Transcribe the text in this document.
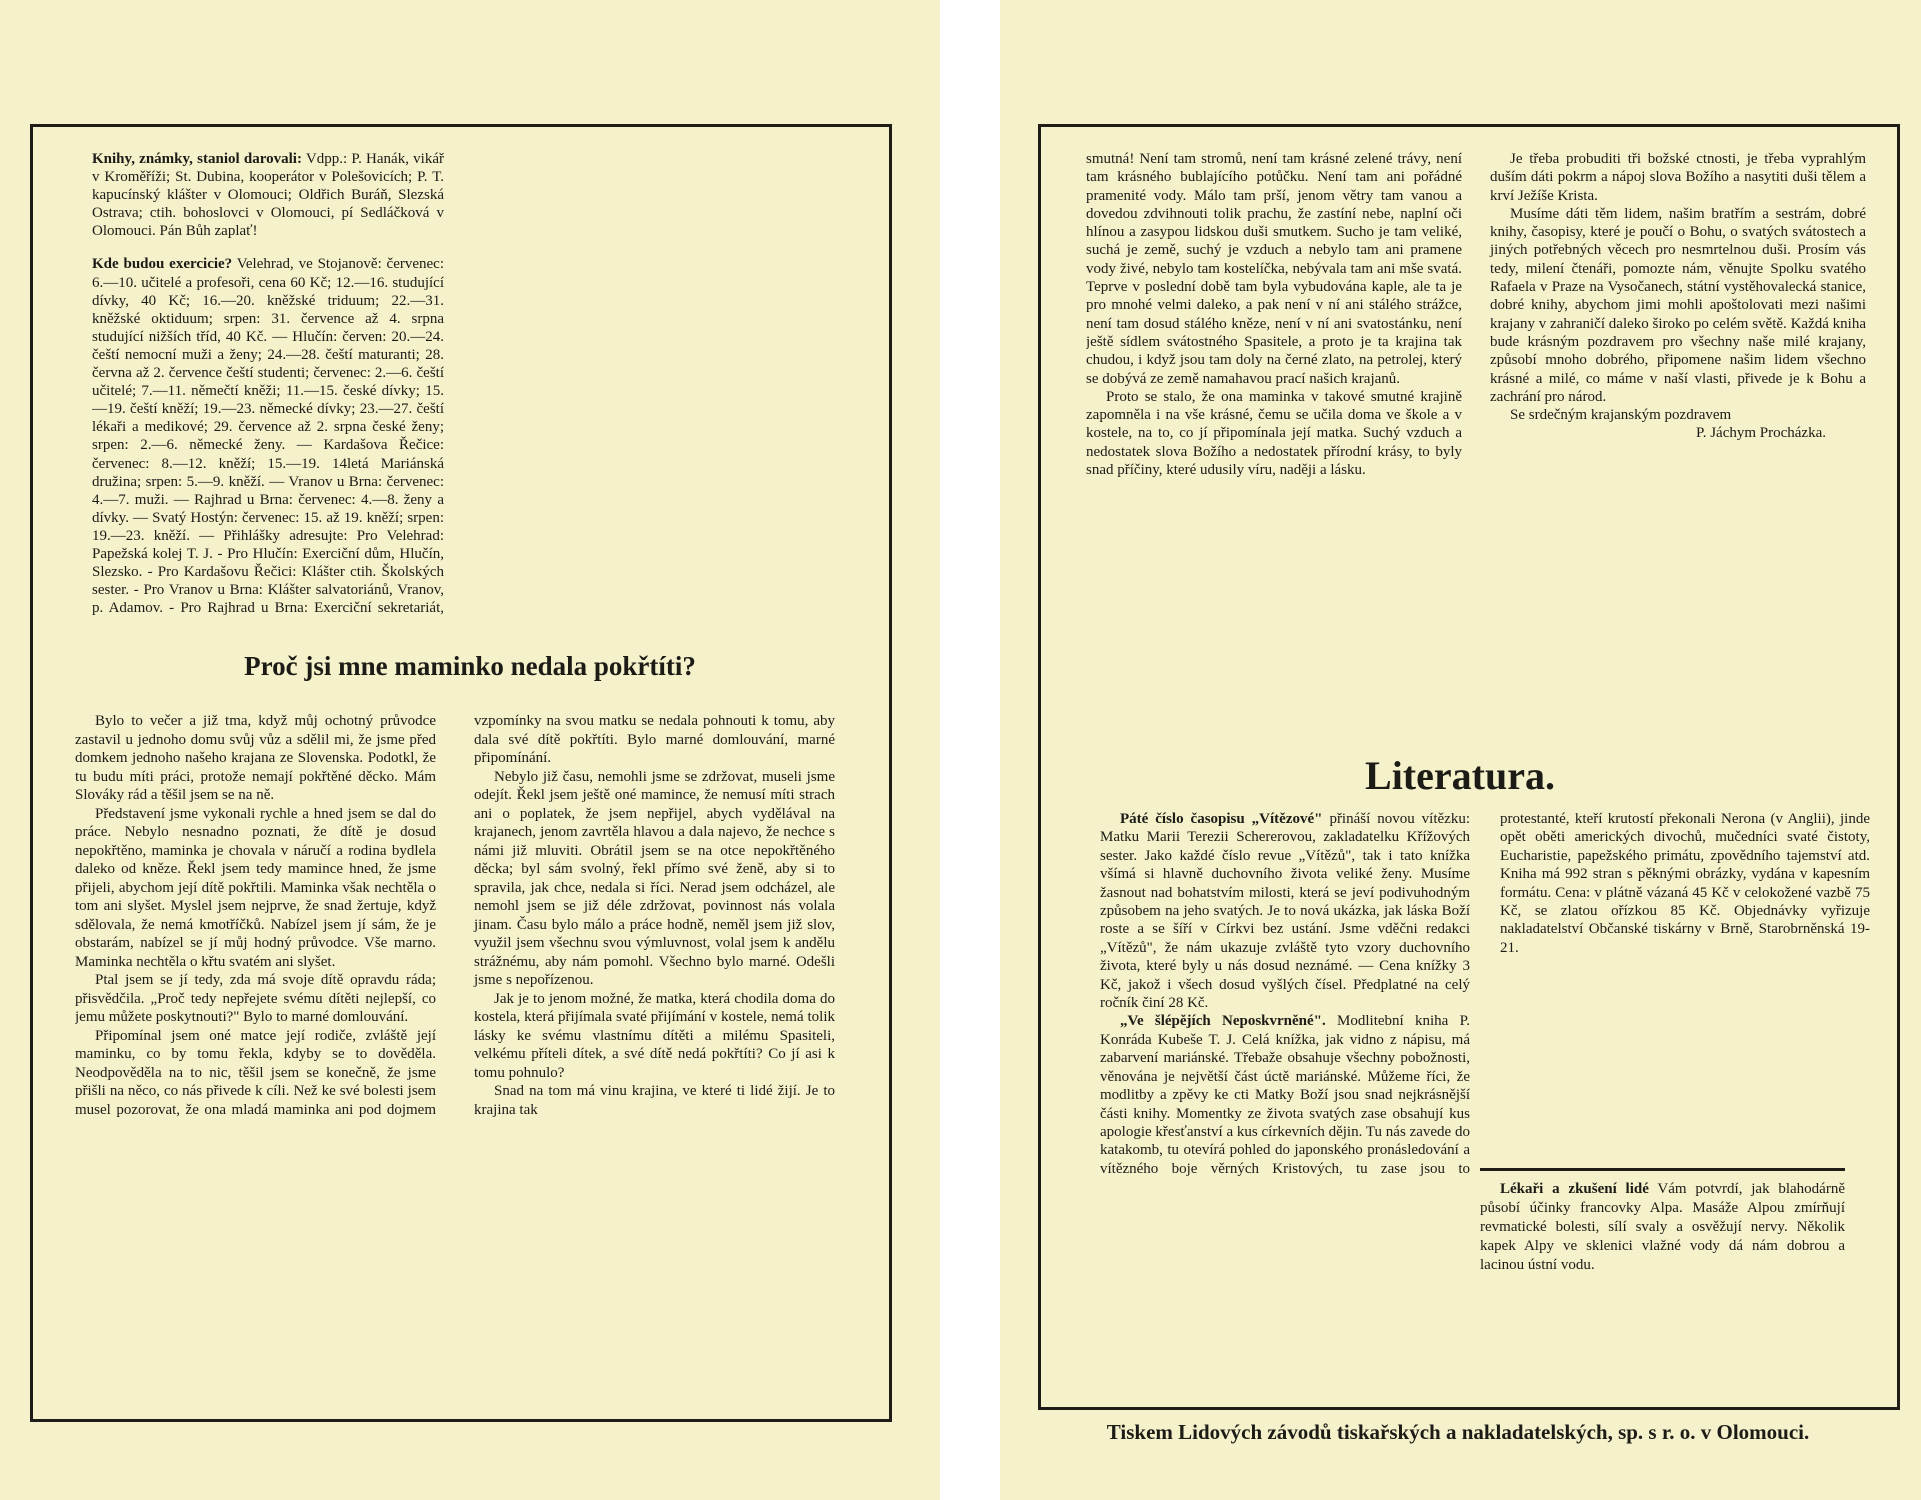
Knihy, známky, staniol darovali: Vdpp.: P. Hanák, vikář v Kroměříži; St. Dubina, kooperátor v Polešovicích; P. T. kapucínský klášter v Olomouci; Oldřich Buráň, Slezská Ostrava; ctih. bohoslovci v Olomouci, pí Sedláčková v Olomouci. Pán Bůh zaplať!

Kde budou exercicie? Velehrad, ve Stojanově: červenec: 6.—10. učitelé a profesoři, cena 60 Kč; 12.—16. studující dívky, 40 Kč; 16.—20. kněžské triduum; 22.—31. kněžské oktiduum; srpen: 31. července až 4. srpna studující nižších tříd, 40 Kč. — Hlučín: červen: 20.—24. čeští nemocní muži a ženy; 24.—28. čeští maturanti; 28. června až 2. července čeští studenti; červenec: 2.—6. čeští učitelé; 7.—11. němečtí kněži; 11.—15. české dívky; 15.—19. čeští kněží; 19.—23. německé dívky; 23.—27. čeští lékaři a medikové; 29. července až 2. srpna české ženy; srpen: 2.—6. německé ženy. — Kardašova Řečice: červenec: 8.—12. kněží; 15.—19. 14letá Mariánská družina; srpen: 5.—9. kněží. — Vranov u Brna: červenec: 4.—7. muži. — Rajhrad u Brna: červenec: 4.—8. ženy a dívky. — Svatý Hostýn: červenec: 15. až 19. kněží; srpen: 19.—23. kněží. — Přihlášky adresujte: Pro Velehrad: Papežská kolej T. J. - Pro Hlučín: Exerciční dům, Hlučín, Slezsko. - Pro Kardašovu Řečici: Klášter ctih. Školských sester. - Pro Vranov u Brna: Klášter salvatoriánů, Vranov, p. Adamov. - Pro Rajhrad u Brna: Exerciční sekretariát,

Proč jsi mne maminko nedala pokřtíti?

Bylo to večer a již tma, když můj ochotný průvodce zastavil u jednoho domu svůj vůz a sdělil mi, že jsme před domkem jednoho našeho krajana ze Slovenska. Podotkl, že tu budu míti práci, protože nemají pokřtěné děcko. Mám Slováky rád a těšil jsem se na ně.

Představení jsme vykonali rychle a hned jsem se dal do práce. Nebylo nesnadno poznati, že dítě je dosud nepokřtěno, maminka je chovala v náručí a rodina bydlela daleko od kněze. Řekl jsem tedy mamince hned, že jsme přijeli, abychom její dítě pokřtili. Maminka však nechtěla o tom ani slyšet. Myslel jsem nejprve, že snad žertuje, když sdělovala, že nemá kmotříčků. Nabízel jsem jí sám, že je obstarám, nabízel se jí můj hodný průvodce. Vše marno. Maminka nechtěla o křtu svatém ani slyšet.

Ptal jsem se jí tedy, zda má svoje dítě opravdu ráda; přisvědčila. „Proč tedy nepřejete svému dítěti nejlepší, co jemu můžete poskytnouti?" Bylo to marné domlouvání.

Připomínal jsem oné matce její rodiče, zvláště její maminku, co by tomu řekla, kdyby se to dověděla. Neodpověděla na to nic, těšil jsem se konečně, že jsme přišli na něco, co nás přivede k cíli. Než ke své bolesti jsem musel pozorovat, že ona mladá maminka ani pod dojmem vzpomínky na svou matku se nedala pohnouti k tomu, aby dala své dítě pokřtíti. Bylo marné domlouvání, marné připomínání.

Nebylo již času, nemohli jsme se zdržovat, museli jsme odejít. Řekl jsem ještě oné mamince, že nemusí míti strach ani o poplatek, že jsem nepřijel, abych vydělával na krajanech, jenom zavrtěla hlavou a dala najevo, že nechce s námi již mluviti. Obrátil jsem se na otce nepokřtěného děcka; byl sám svolný, řekl přímo své ženě, aby si to spravila, jak chce, nedala si říci. Nerad jsem odcházel, ale nemohl jsem se již déle zdržovat, povinnost nás volala jinam. Času bylo málo a práce hodně, neměl jsem již slov, využil jsem všechnu svou výmluvnost, volal jsem k andělu strážnému, aby nám pomohl. Všechno bylo marné. Odešli jsme s nepořízenou.

Jak je to jenom možné, že matka, která chodila doma do kostela, která přijímala svaté přijímání v kostele, nemá tolik lásky ke svému vlastnímu dítěti a milému Spasiteli, velkému příteli dítek, a své dítě nedá pokřtíti? Co jí asi k tomu pohnulo?

Snad na tom má vinu krajina, ve které ti lidé žijí. Je to krajina tak

smutná! Není tam stromů, není tam krásné zelené trávy, není tam krásného bublajícího potůčku. Není tam ani pořádné pramenité vody. Málo tam prší, jenom větry tam vanou a dovedou zdvihnouti tolik prachu, že zastíní nebe, naplní oči hlínou a zasypou lidskou duši smutkem. Sucho je tam veliké, suchá je země, suchý je vzduch a nebylo tam ani pramene vody živé, nebylo tam kostelíčka, nebývala tam ani mše svatá. Teprve v poslední době tam byla vybudována kaple, ale ta je pro mnohé velmi daleko, a pak není v ní ani stálého strážce, není tam dosud stálého kněze, není v ní ani svatostánku, není ještě sídlem svátostného Spasitele, a proto je ta krajina tak chudou, i když jsou tam doly na černé zlato, na petrolej, který se dobývá ze země namahavou prací našich krajanů.

Proto se stalo, že ona maminka v takové smutné krajině zapomněla i na vše krásné, čemu se učila doma ve škole a v kostele, na to, co jí připomínala její matka. Suchý vzduch a nedostatek slova Božího a nedostatek přírodní krásy, to byly snad příčiny, které udusily víru, naději a lásku.

Je třeba probuditi tři božské ctnosti, je třeba vyprahlým duším dáti pokrm a nápoj slova Božího a nasytiti duši tělem a krví Ježíše Krista.

Musíme dáti těm lidem, našim bratřím a sestrám, dobré knihy, časopisy, které je poučí o Bohu, o svatých svátostech a jiných potřebných věcech pro nesmrtelnou duši. Prosím vás tedy, milení čtenáři, pomozte nám, věnujte Spolku svatého Rafaela v Praze na Vysočanech, státní vystěhovalecká stanice, dobré knihy, abychom jimi mohli apoštolovati mezi našimi krajany v zahraničí daleko široko po celém světě. Každá kniha bude krásným pozdravem pro všechny naše milé krajany, způsobí mnoho dobrého, připomene našim lidem všechno krásné a milé, co máme v naší vlasti, přivede je k Bohu a zachrání pro národ.

Se srdečným krajanským pozdravem

P. Jáchym Procházka.

Literatura.

Páté číslo časopisu „Vítězové" přináší novou vítězku: Matku Marii Terezii Schererovou, zakladatelku Křížových sester. Jako každé číslo revue „Vítězů", tak i tato knížka všímá si hlavně duchovního života veliké ženy. Musíme žasnout nad bohatstvím milosti, která se jeví podivuhodným způsobem na jeho svatých. Je to nová ukázka, jak láska Boží roste a se šíří v Církvi bez ustání. Jsme vděčni redakci „Vítězů", že nám ukazuje zvláště tyto vzory duchovního života, které byly u nás dosud neznámé. — Cena knížky 3 Kč, jakož i všech dosud vyšlých čísel. Předplatné na celý ročník činí 28 Kč.

„Ve šlépějích Neposkvrněné". Modlitební kniha P. Konráda Kubeše T. J. Celá knížka, jak vidno z nápisu, má zabarvení mariánské. Třebaže obsahuje všechny pobožnosti, věnována je největší část úctě mariánské. Můžeme říci, že modlitby a zpěvy ke cti Matky Boží jsou snad nejkrásnější části knihy. Momentky ze života svatých zase obsahují kus apologie křesťanství a kus církevních dějin. Tu nás zavede do katakomb, tu otevírá pohled do japonského pronásledování a vítězného boje věrných Kristových, tu zase jsou to protestanté, kteří krutostí překonali Nerona (v Anglii), jinde opět oběti amerických divochů, mučedníci svaté čistoty, Eucharistie, papežského primátu, zpovědního tajemství atd. Kniha má 992 stran s pěknými obrázky, vydána v kapesním formátu. Cena: v plátně vázaná 45 Kč v celokožené vazbě 75 Kč, se zlatou ořízkou 85 Kč. Objednávky vyřizuje nakladatelství Občanské tiskárny v Brně, Starobrněnská 19-21.

Lékaři a zkušení lidé Vám potvrdí, jak blahodárně působí účinky francovky Alpa. Masáže Alpou zmírňují revmatické bolesti, sílí svaly a osvěžují nervy. Několik kapek Alpy ve sklenici vlažné vody dá nám dobrou a lacinou ústní vodu.

Tiskem Lidových závodů tiskařských a nakladatelských, sp. s r. o. v Olomouci.
